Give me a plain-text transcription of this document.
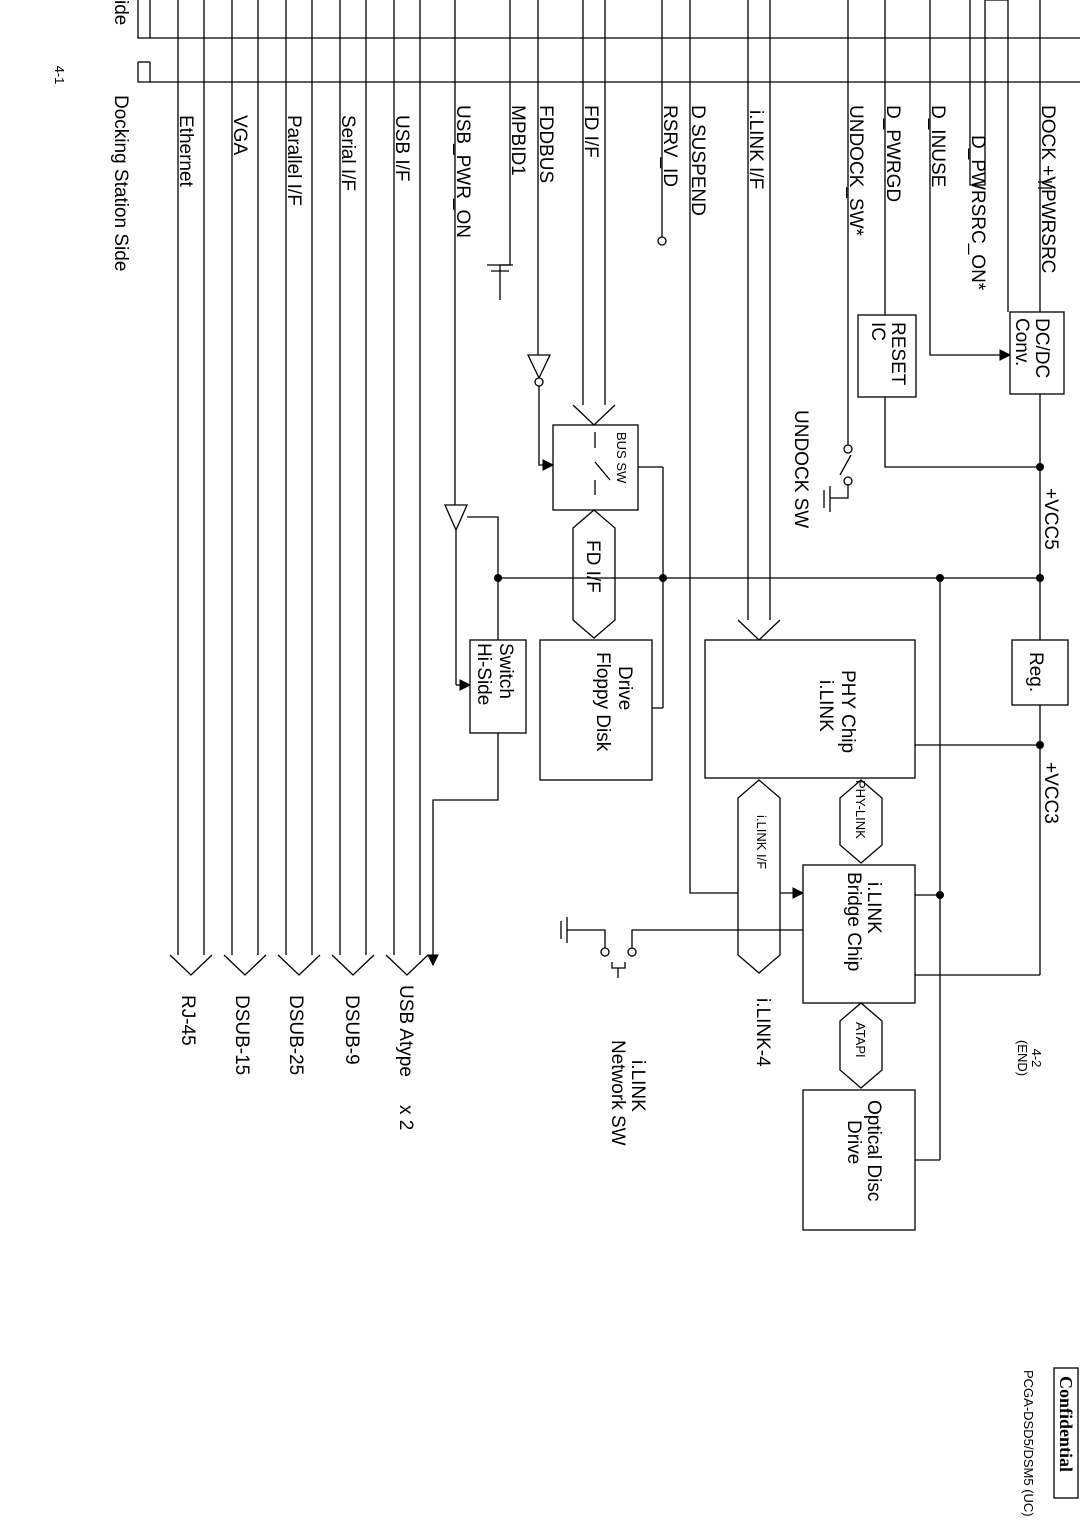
4-1
4-2
(END)
Confidential
PCGA-DSD5/DSM5 (UC)
ide
Docking Station Side Ethernet VGA Parallel I/F Serial I/F USB I/F USB_PWR_ON
Hi-Side Switch
MPBID1 FDDBUS FD I/F
BUS SW
FD I/F
Floppy Disk Drive
RSRV_ID D SUSPEND i.LINK I/F
i.LINK PHY Chip
i.LINK I/F
PHY-LINK
i.LINK
Bridge Chip
ATAPI
Optical Disc
Drive
i.LINK
Network SW
UNDOCK_SW*
UNDOCK SW
RESET
IC
D_PWRGD D_INUSE D_PWRSRC_ON*
DC/DC
Conv.
DOCK +VPWRSRC
+VCC5
Reg.
+VCC3
i.LINK-4
USB Atype
x 2
DSUB-9
DSUB-25
DSUB-15
RJ-45
